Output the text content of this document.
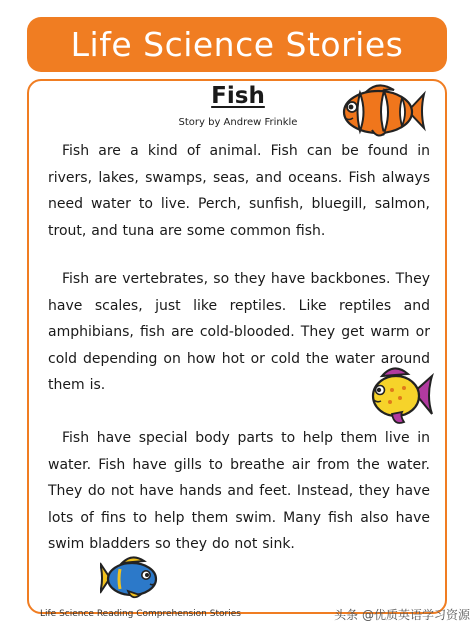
Life Science Stories
Fish
Story by Andrew Frinkle

Fish are a kind of animal. Fish can be found in rivers, lakes, swamps, seas, and oceans. Fish always need water to live. Perch, sunfish, bluegill, salmon, trout, and tuna are some common fish.

Fish are vertebrates, so they have backbones. They have scales, just like reptiles. Like reptiles and amphibians, fish are cold-blooded. They get warm or cold depending on how hot or cold the water around them is.

Fish have special body parts to help them live in water. Fish have gills to breathe air from the water. They do not have hands and feet. Instead, they have lots of fins to help them swim. Many fish also have swim bladders so they do not sink.

Life Science Reading Comprehension Stories	头条 @优质英语学习资源
